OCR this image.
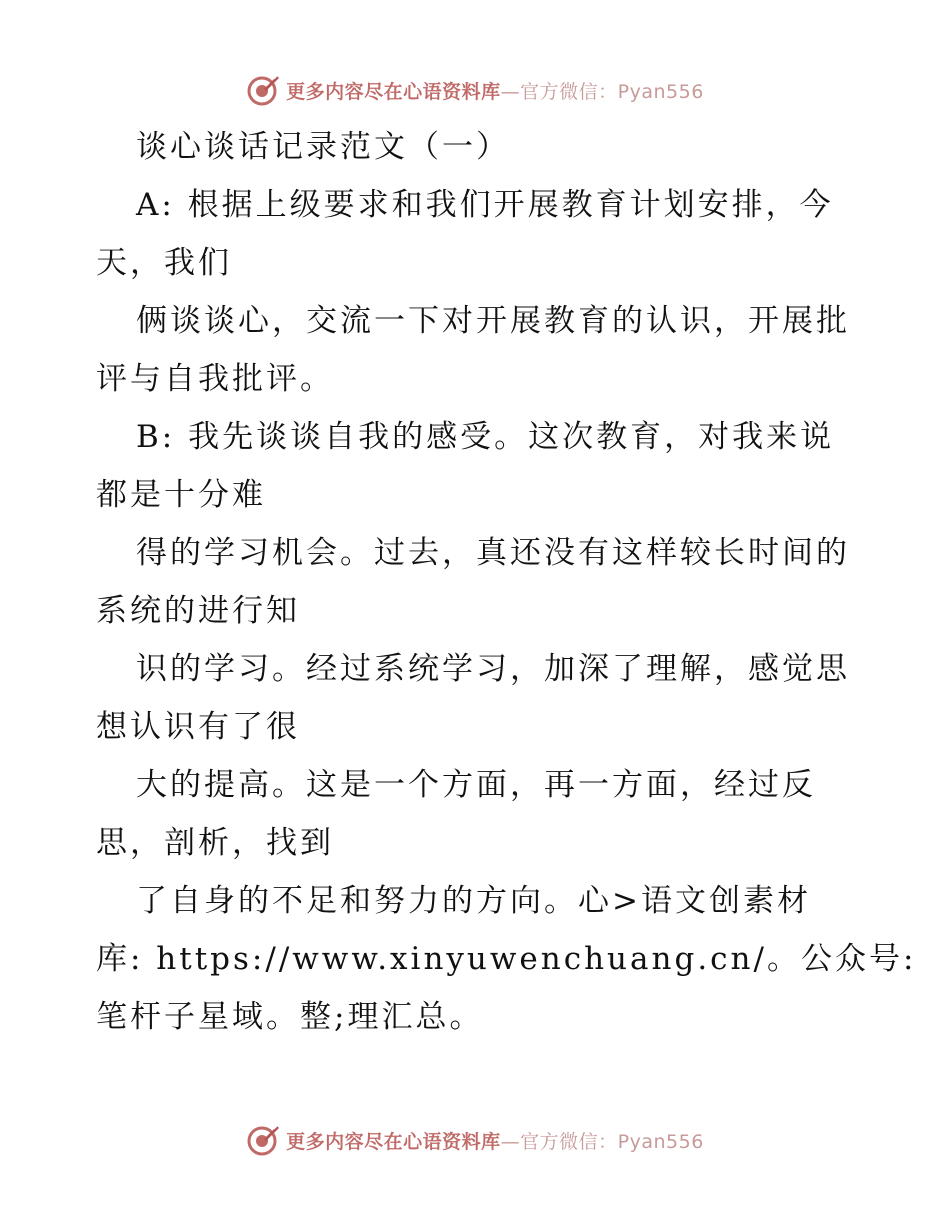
更多内容尽在心语资料库—官方微信：Pyan556
谈心谈话记录范文（一）
A: 根据上级要求和我们开展教育计划安排，今
天，我们
俩谈谈心，交流一下对开展教育的认识，开展批
评与自我批评。
B: 我先谈谈自我的感受。这次教育，对我来说
都是十分难
得的学习机会。过去，真还没有这样较长时间的
系统的进行知
识的学习。经过系统学习，加深了理解，感觉思
想认识有了很
大的提高。这是一个方面，再一方面，经过反
思，剖析，找到
了自身的不足和努力的方向。心>语文创素材
库: https://www.xinyuwenchuang.cn/。公众号:
笔杆子星域。整;理汇总。
更多内容尽在心语资料库—官方微信：Pyan556
